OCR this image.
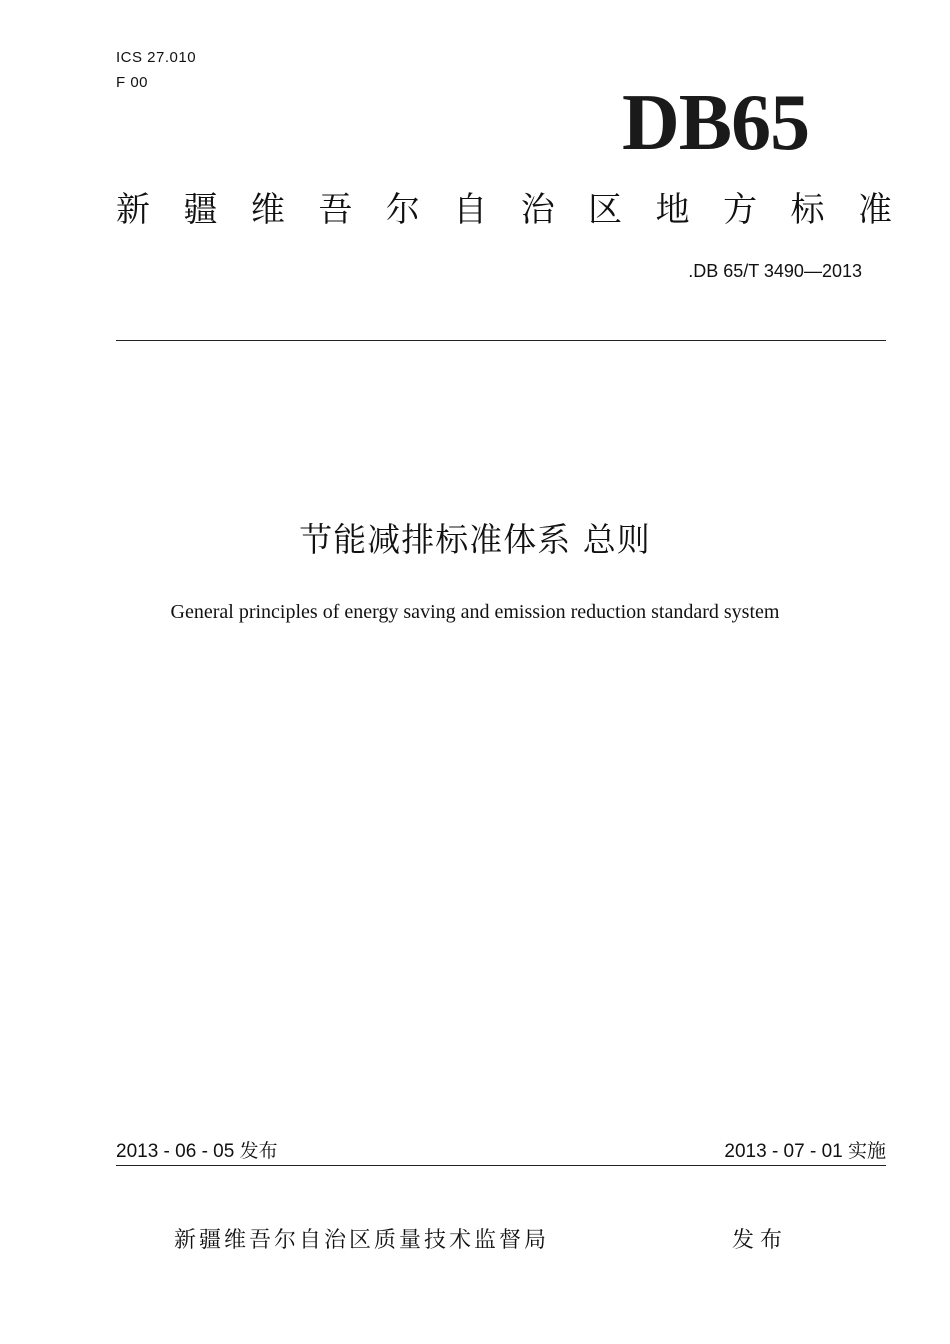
ICS 27.010
F 00	DB65
新 疆 维 吾 尔 自 治 区 地 方 标 准
.DB 65/T 3490—2013
节能减排标准体系 总则
General principles of energy saving and emission reduction standard system
2013 - 06 - 05 发布	2013 - 07 - 01 实施
新疆维吾尔自治区质量技术监督局	发布
